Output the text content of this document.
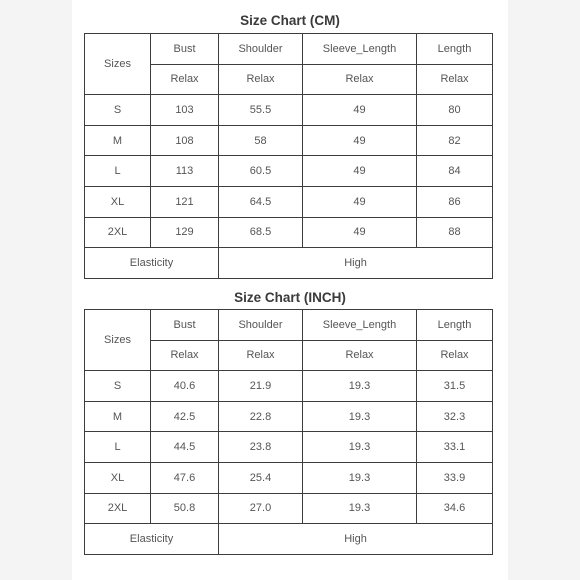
Size Chart (CM)
Sizes	Bust	Shoulder	Sleeve_Length	Length
	Relax	Relax	Relax	Relax
S	103	55.5	49	80
M	108	58	49	82
L	113	60.5	49	84
XL	121	64.5	49	86
2XL	129	68.5	49	88
Elasticity		High		
Size Chart (INCH)
Sizes	Bust	Shoulder	Sleeve_Length	Length
	Relax	Relax	Relax	Relax
S	40.6	21.9	19.3	31.5
M	42.5	22.8	19.3	32.3
L	44.5	23.8	19.3	33.1
XL	47.6	25.4	19.3	33.9
2XL	50.8	27.0	19.3	34.6
Elasticity		High		
